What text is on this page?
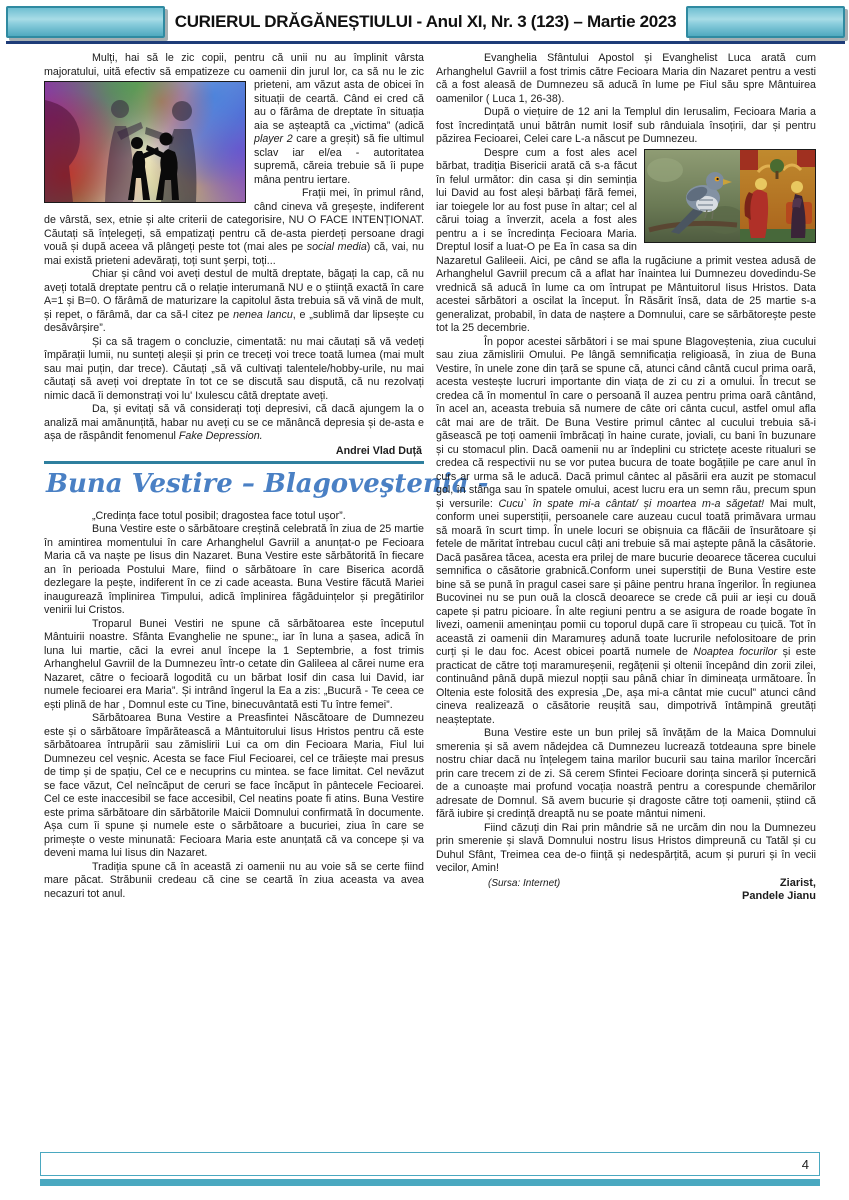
CURIERUL DRĂGĂNEȘTIULUI - Anul XI, Nr. 3 (123) – Martie 2023
Mulți, hai să le zic copii, pentru că unii nu au împlinit vârsta majoratului, uită efectiv să empatizeze cu oamenii din jurul lor, ca să nu le zic prieteni, am văzut asta de obicei în situații de ceartă. Când ei cred că au o fărâma de dreptate în situația aia se așteaptă ca „victima” (adică player 2 care a greșit) să fie ultimul sclav iar el/ea - autoritatea supremă, căreia trebuie să îi pupe mâna pentru iertare.
Frații mei, în primul rând, când cineva vă greșește, indiferent de vârstă, sex, etnie și alte criterii de categorisire, NU O FACE INTENȚIONAT. Căutați să înțelegeți, să empatizați pentru că de-asta pierdeți persoane dragi vouă și după aceea vă plângeți peste tot (mai ales pe social media) că, vai, nu mai există prieteni adevărați, toți sunt șerpi, toți...
Chiar și când voi aveți destul de multă dreptate, băgați la cap, că nu aveți totală dreptate pentru că o relație interumană NU e o știință exactă în care A=1 și B=0. O fărâmă de maturizare la capitolul ăsta trebuia să vă vină de mult, și repet, o fărâmă, dar ca să-l citez pe nenea Iancu, e „sublimă dar lipsește cu desăvârșire”.
Și ca să tragem o concluzie, cimentată: nu mai căutați să vă vedeți împărații lumii, nu sunteți aleșii și prin ce treceți voi trece toată lumea (mai mult sau mai puțin, dar trece). Căutați „să vă cultivați talentele/hobby-urile, nu mai căutați să aveți voi dreptate în tot ce se discută sau dispută, că nu rezolvați nimic dacă îi demonstrați voi lu' Ixulescu câtă dreptate aveți.
Da, și evitați să vă considerați toți depresivi, că dacă ajungem la o analiză mai amănunțită, habar nu aveți cu se ce mănâncă depresia și de-asta e așa de răspândit fenomenul Fake Depression.
Andrei Vlad Duță
Buna Vestire – Blagoveştenia -
„Credința face totul posibil; dragostea face totul ușor”.
Buna Vestire este o sărbătoare creștină celebrată în ziua de 25 martie în amintirea momentului în care Arhanghelul Gavriil a anunțat-o pe Fecioara Maria că va naște pe Iisus din Nazaret. Buna Vestire este sărbătorită în fiecare an în perioada Postului Mare, fiind o sărbătoare în care Biserica acordă dezlegare la pește, indiferent în ce zi cade aceasta. Buna Vestire făcută Mariei inaugurează împlinirea Timpului, adică împlinirea făgăduințelor și pregătirilor venirii lui Cristos.
Troparul Bunei Vestiri ne spune că sărbătoarea este începutul Mântuirii noastre. Sfânta Evanghelie ne spune:„ iar în luna a șasea, adică în luna lui martie, căci la evrei anul începe la 1 Septembrie, a fost trimis Arhanghelul Gavriil de la Dumnezeu într-o cetate din Galileea al cărei nume era Nazaret, către o fecioară logodită cu un bărbat Iosif din casa lui David, iar numele fecioarei era Maria”. Și intrând îngerul la Ea a zis: „Bucură - Te ceea ce ești plină de har , Domnul este cu Tine, binecuvântată esti Tu între femei”.
Sărbătoarea Buna Vestire a Preasfintei Născătoare de Dumnezeu este și o sărbătoare împărătească a Mântuitorului Iisus Hristos pentru că este sărbătoarea întrupării sau zămislirii Lui ca om din Fecioara Maria, Fiul lui Dumnezeu cel veșnic. Acesta se face Fiul Fecioarei, cel ce trăiește mai presus de timp și de spațiu, Cel ce e necuprins cu mintea. se face limitat. Cel nevăzut se face văzut, Cel neîncăput de ceruri se face încăput în pântecele Fecioarei. Cel ce este inaccesibil se face accesibil, Cel neatins poate fi atins. Buna Vestire este prima sărbătoare din sărbătorile Maicii Domnului confirmată în documente. Așa cum îi spune și numele este o sărbătoare a bucuriei, ziua în care se primește o veste minunată: Fecioara Maria este anunțată că va concepe și va deveni mama lui Iisus din Nazaret.
Tradiția spune că în această zi oamenii nu au voie să se certe fiind mare păcat. Străbunii credeau că cine se ceartă în ziua aceasta va avea necazuri tot anul.
Evanghelia Sfântului Apostol și Evanghelist Luca arată cum Arhanghelul Gavriil a fost trimis către Fecioara Maria din Nazaret pentru a vesti că a fost aleasă de Dumnezeu să aducă în lume pe Fiul său spre Mântuirea oamenilor ( Luca 1, 26-38).
După o viețuire de 12 ani la Templul din Ierusalim, Fecioara Maria a fost încredințată unui bătrân numit Iosif sub rânduiala însoțirii, dar și pentru păzirea Fecioarei, Celei care L-a născut pe Dumnezeu.
Despre cum a fost ales acel bărbat, tradiția Bisericii arată că s-a făcut în felul următor: din casa și din seminția lui David au fost aleși bărbați fără femei, iar toiegele lor au fost puse în altar; cel al cărui toiag a înverzit, acela a fost ales pentru a i se încredința Fecioara Maria. Dreptul Iosif a luat-O pe Ea în casa sa din Nazaretul Galileeii. Aici, pe când se afla la rugăciune a primit vestea adusă de Arhanghelul Gavriil precum că a aflat har înaintea lui Dumnezeu dovedindu-Se vrednică să aducă în lume ca om întrupat pe Mântuitorul Iisus Hristos. Data acestei sărbători a oscilat la început. În Răsărit însă, data de 25 martie s-a generalizat, probabil, în data de naștere a Domnului, care se sărbătorește peste tot la 25 decembrie.
În popor acestei sărbători i se mai spune Blagoveștenia, ziua cucului sau ziua zămislirii Omului. Pe lângă semnificația religioasă, în ziua de Buna Vestire, în unele zone din țară se spune că, atunci când cântă cucul prima oară, acesta vestește lucruri importante din viața de zi cu zi a omului. În trecut se credea că în momentul în care o persoană îl auzea pentru prima oară cântând, în acel an, aceasta trebuia să numere de câte ori cânta cucul, astfel omul afla cât mai are de trăit. De Buna Vestire primul cântec al cucului trebuia să-i găsească pe toți oamenii îmbrăcați în haine curate, joviali, cu bani în buzunare și cu stomacul plin. Dacă oamenii nu ar îndeplini cu strictețe aceste ritualuri se credea că respectivii nu se vor putea bucura de toate bogățiile pe care anul în curs ar urma să le aducă. Dacă primul cântec al păsării era auzit pe stomacul gol, în stânga sau în spatele omului, acest lucru era un semn rău, precum spun și versurile: Cucu` în spate mi-a cântat/ și moartea m-a săgetat! Mai mult, conform unei superstiții, persoanele care auzeau cucul toată primăvara urmau să moară în scurt timp. În unele locuri se obișnuia ca flăcăii de însurătoare și fetele de măritat întrebau cucul câți ani trebuie să mai aștepte până la căsătorie. Dacă pasărea tăcea, acesta era prilej de mare bucurie deoarece tăcerea cucului semnifica o căsătorie grabnică.Conform unei superstiții de Buna Vestire este bine să se pună în pragul casei sare și pâine pentru hrana îngerilor. În regiunea Bucovinei nu se pun ouă la closcă deoarece se crede că puii ar ieși cu două capete și patru picioare. În alte regiuni pentru a se asigura de roade bogate în livezi, oamenii amenințau pomii cu toporul după care îi stropeau cu țuică. Tot în această zi oamenii din Maramureș adună toate lucrurile nefolositoare de prin curți și le dau foc. Acest obicei poartă numele de Noaptea focurilor și este practicat de către toți maramureșenii, regățenii și oltenii începând din zorii zilei, continuând până după miezul nopții sau până chiar în dimineața următoare. În Oltenia este folosită des expresia „De, așa mi-a cântat mie cucul” atunci când cineva realizează o căsătorie reușită sau, dimpotrivă întâmpină greutăți neașteptate.
Buna Vestire este un bun prilej să învățăm de la Maica Domnului smerenia și să avem nădejdea că Dumnezeu lucrează totdeauna spre binele nostru chiar dacă nu înțelegem taina marilor bucurii sau taina marilor încercări prin care trecem zi de zi. Să cerem Sfintei Fecioare dorința sinceră și puternică de a cunoaște mai profund vocația noastră pentru a corespunde chemărilor adresate de Domnul. Să avem bucurie și dragoste către toți oamenii, știind că fără iubire și credință dreaptă nu se poate mântui nimeni.
Fiind căzuți din Rai prin mândrie să ne urcăm din nou la Dumnezeu prin smerenie și slavă Domnului nostru Iisus Hristos dimpreună cu Tatăl și cu Duhul Sfânt, Treimea cea de-o ființă și nedespărțită, acum și pururi și în vecii vecilor, Amin!
(Sursa: Internet)	Ziarist,
Pandele Jianu
4
